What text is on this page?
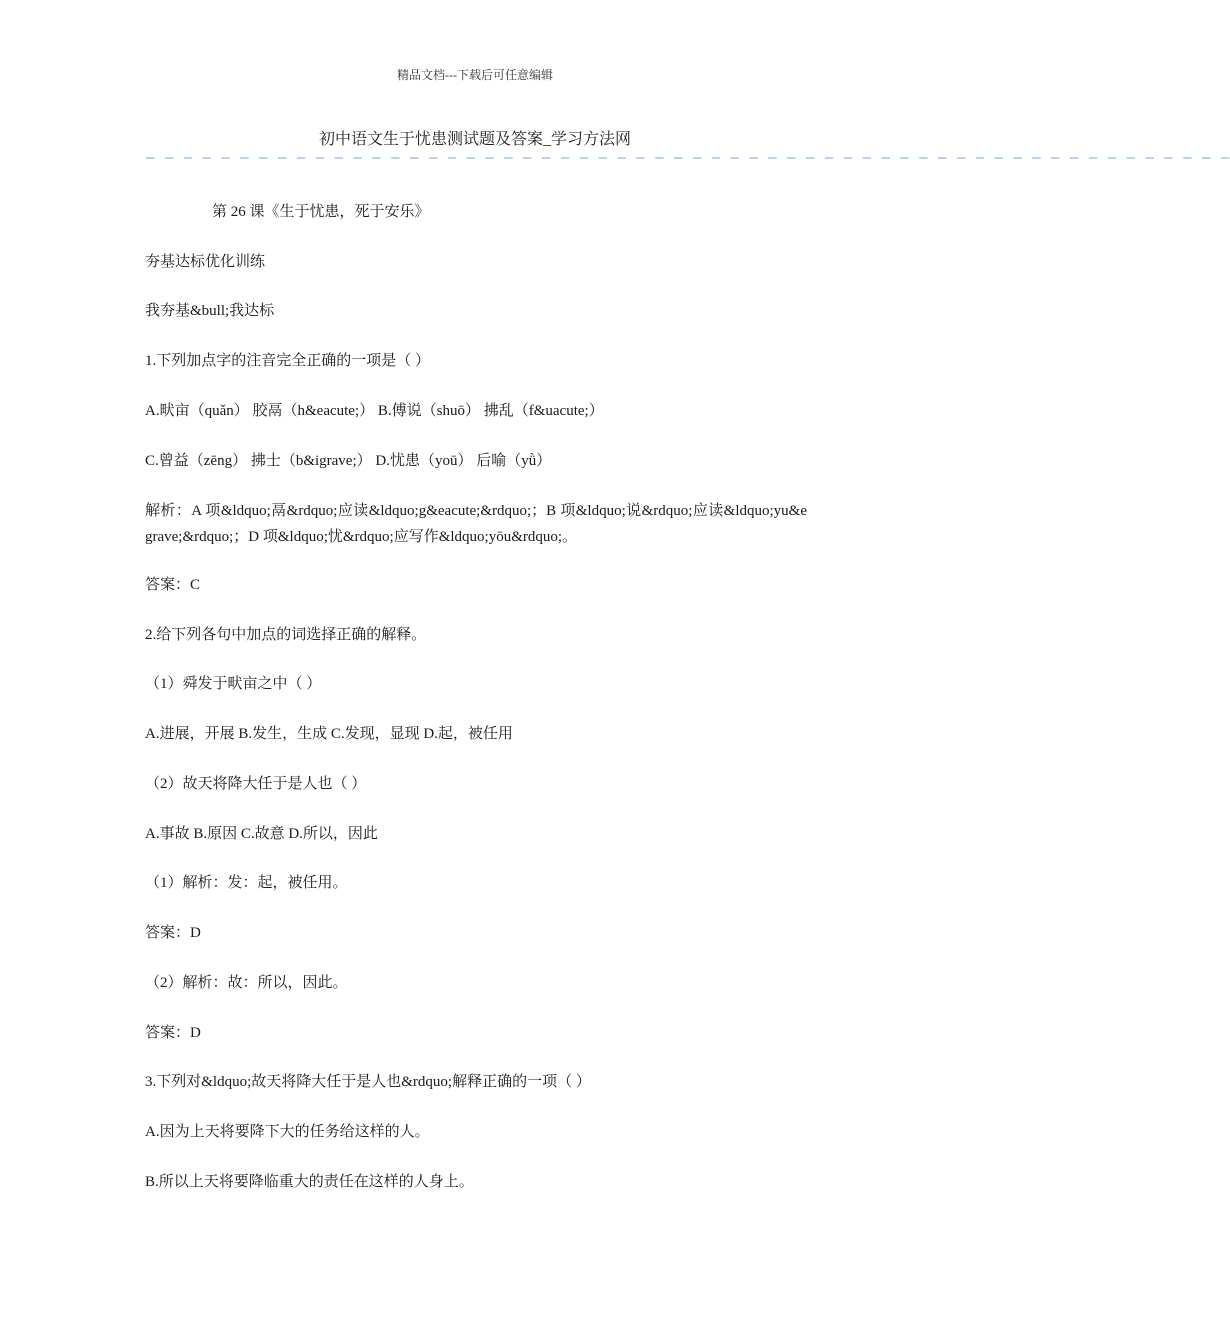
精品文档---下载后可任意编辑
初中语文生于忧患测试题及答案_学习方法网
— — — — — — — — — — — — — — — — — — — — — — — — — — — — — — — — — — — — — — — — — — — — — — — — — — — — — — — — — —
第 26 课《生于忧患，死于安乐》
夯基达标优化训练
我夯基&bull;我达标
1.下列加点字的注音完全正确的一项是（ ）
A.畎亩（quǎn） 胶鬲（h&eacute;） B.傅说（shuō） 拂乱（f&uacute;）
C.曾益（zēng） 拂士（b&igrave;） D.忧患（yoū） 后喻（yǜ）
解析：A 项&ldquo;鬲&rdquo;应读&ldquo;g&eacute;&rdquo;；B 项&ldquo;说&rdquo;应读&ldquo;yu&egrave;&rdquo;；D 项&ldquo;忧&rdquo;应写作&ldquo;yōu&rdquo;。
答案：C
2.给下列各句中加点的词选择正确的解释。
（1）舜发于畎亩之中（ ）
A.进展，开展 B.发生，生成 C.发现，显现 D.起，被任用
（2）故天将降大任于是人也（ ）
A.事故 B.原因 C.故意 D.所以，因此
（1）解析：发：起，被任用。
答案：D
（2）解析：故：所以，因此。
答案：D
3.下列对&ldquo;故天将降大任于是人也&rdquo;解释正确的一项（ ）
A.因为上天将要降下大的任务给这样的人。
B.所以上天将要降临重大的责任在这样的人身上。
